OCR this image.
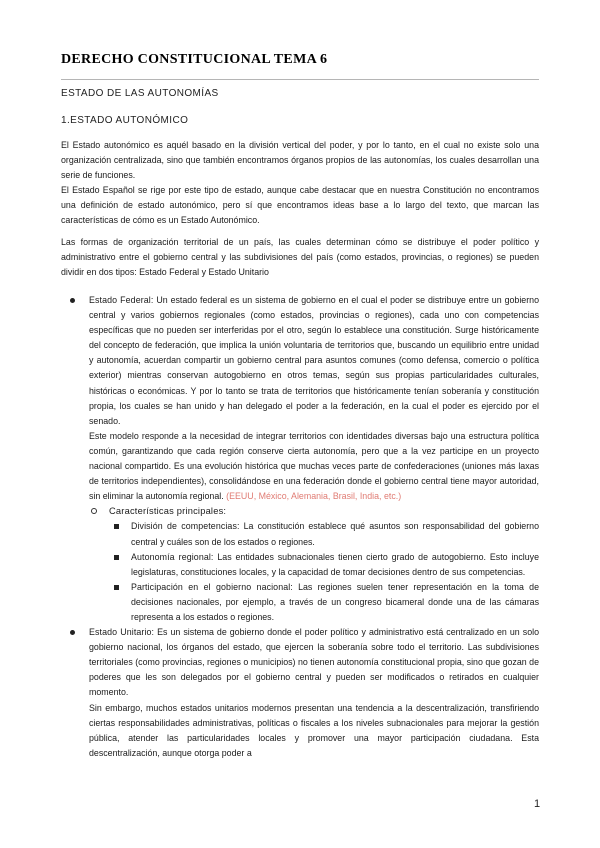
DERECHO CONSTITUCIONAL TEMA 6
ESTADO DE LAS AUTONOMÍAS
1.ESTADO AUTONÓMICO

El Estado autonómico es aquél basado en la división vertical del poder, y por lo tanto, en el cual no existe solo una organización centralizada, sino que también encontramos órganos propios de las autonomías, los cuales desarrollan una serie de funciones.

El Estado Español se rige por este tipo de estado, aunque cabe destacar que en nuestra Constitución no encontramos una definición de estado autonómico, pero sí que encontramos ideas base a lo largo del texto, que marcan las características de cómo es un Estado Autonómico.

Las formas de organización territorial de un país, las cuales determinan cómo se distribuye el poder político y administrativo entre el gobierno central y las subdivisiones del país (como estados, provincias, o regiones) se pueden dividir en dos tipos: Estado Federal y Estado Unitario

Estado Federal: Un estado federal es un sistema de gobierno en el cual el poder se distribuye entre un gobierno central y varios gobiernos regionales (como estados, provincias o regiones), cada uno con competencias específicas que no pueden ser interferidas por el otro, según lo establece una constitución. Surge históricamente del concepto de federación, que implica la unión voluntaria de territorios que, buscando un equilibrio entre unidad y autonomía, acuerdan compartir un gobierno central para asuntos comunes (como defensa, comercio o política exterior) mientras conservan autogobierno en otros temas, según sus propias particularidades culturales, históricas o económicas. Y por lo tanto se trata de territorios que históricamente tenían soberanía y constitución propia, los cuales se han unido y han delegado el poder a la federación, en la cual el poder es ejercido por el senado.

Este modelo responde a la necesidad de integrar territorios con identidades diversas bajo una estructura política común, garantizando que cada región conserve cierta autonomía, pero que a la vez participe en un proyecto nacional compartido. Es una evolución histórica que muchas veces parte de confederaciones (uniones más laxas de territorios independientes), consolidándose en una federación donde el gobierno central tiene mayor autoridad, sin eliminar la autonomía regional. (EEUU, México, Alemania, Brasil, India, etc.)

Características principales:

División de competencias: La constitución establece qué asuntos son responsabilidad del gobierno central y cuáles son de los estados o regiones.

Autonomía regional: Las entidades subnacionales tienen cierto grado de autogobierno. Esto incluye legislaturas, constituciones locales, y la capacidad de tomar decisiones dentro de sus competencias.

Participación en el gobierno nacional: Las regiones suelen tener representación en la toma de decisiones nacionales, por ejemplo, a través de un congreso bicameral donde una de las cámaras representa a los estados o regiones.

Estado Unitario: Es un sistema de gobierno donde el poder político y administrativo está centralizado en un solo gobierno nacional, los órganos del estado, que ejercen la soberanía sobre todo el territorio. Las subdivisiones territoriales (como provincias, regiones o municipios) no tienen autonomía constitucional propia, sino que gozan de poderes que les son delegados por el gobierno central y pueden ser modificados o retirados en cualquier momento.

Sin embargo, muchos estados unitarios modernos presentan una tendencia a la descentralización, transfiriendo ciertas responsabilidades administrativas, políticas o fiscales a los niveles subnacionales para mejorar la gestión pública, atender las particularidades locales y promover una mayor participación ciudadana. Esta descentralización, aunque otorga poder a

1
